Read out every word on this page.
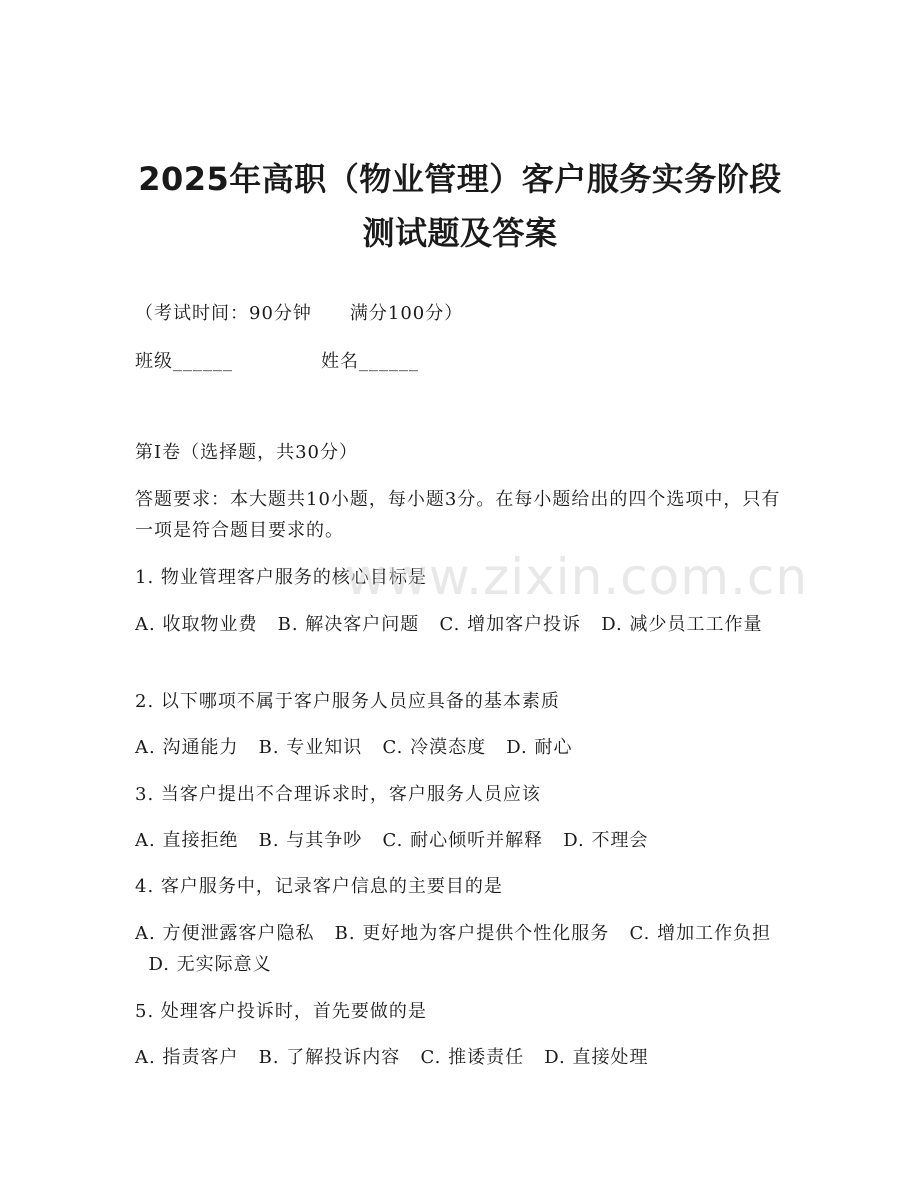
2025年高职（物业管理）客户服务实务阶段
测试题及答案
（考试时间：90分钟　　满分100分）
班级______	姓名______
第I卷（选择题，共30分）
答题要求：本大题共10小题，每小题3分。在每小题给出的四个选项中，只有一项是符合题目要求的。
1. 物业管理客户服务的核心目标是
A. 收取物业费 B. 解决客户问题 C. 增加客户投诉 D. 减少员工工作量
2. 以下哪项不属于客户服务人员应具备的基本素质
A. 沟通能力 B. 专业知识 C. 冷漠态度 D. 耐心
3. 当客户提出不合理诉求时，客户服务人员应该
A. 直接拒绝 B. 与其争吵 C. 耐心倾听并解释 D. 不理会
4. 客户服务中，记录客户信息的主要目的是
A. 方便泄露客户隐私 B. 更好地为客户提供个性化服务 C. 增加工作负担 D. 无实际意义
5. 处理客户投诉时，首先要做的是
A. 指责客户 B. 了解投诉内容 C. 推诿责任 D. 直接处理
www.zixin.com.cn
